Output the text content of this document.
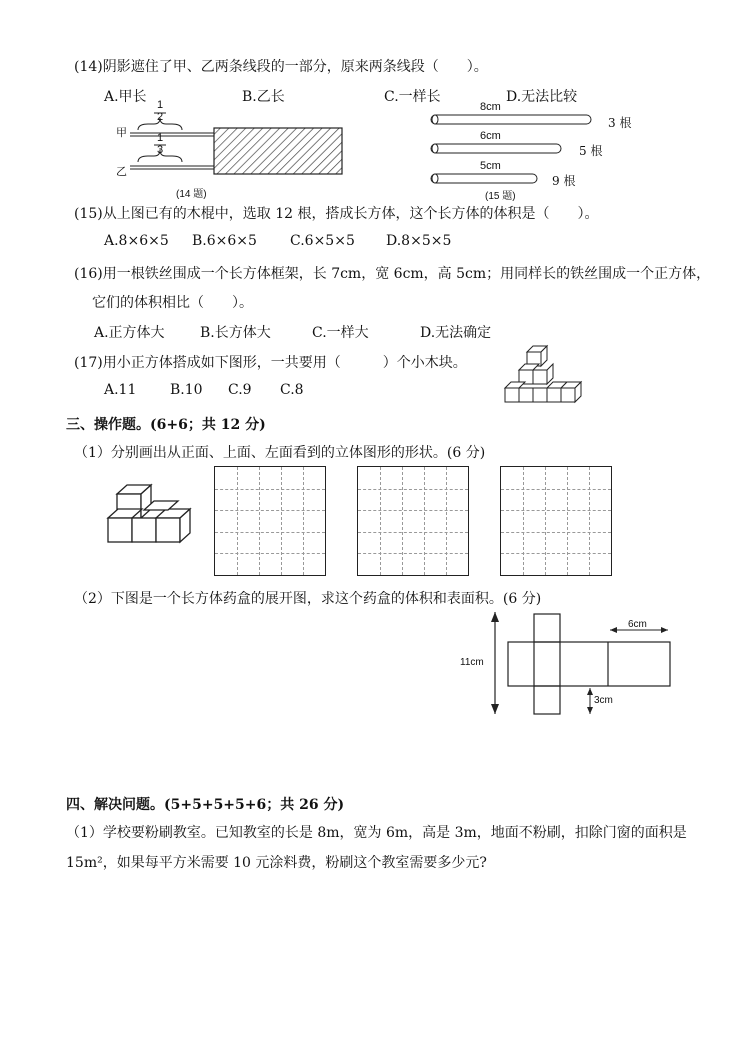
(14)阴影遮住了甲、乙两条线段的一部分，原来两条线段（　　）。
A.甲长	B.乙长	C.一样长	D.无法比较
1
2
1
3
甲
乙
(14 题)
8cm
3 根
6cm
5 根
5cm
9 根
(15 题)
(15)从上图已有的木棍中，选取 12 根，搭成长方体，这个长方体的体积是（　　）。
A.8×6×5 B.6×6×5 C.6×5×5 D.8×5×5
(16)用一根铁丝围成一个长方体框架，长 7cm，宽 6cm，高 5cm；用同样长的铁丝围成一个正方体，
它们的体积相比（　　）。
A.正方体大	B.长方体大	C.一样大	D.无法确定
(17)用小正方体搭成如下图形，一共要用（　　　）个小木块。
A.11 B.10 C.9 C.8
三、操作题。(6+6；共 12 分)
（1）分别画出从正面、上面、左面看到的立体图形的形状。(6 分)
（2）下图是一个长方体药盒的展开图，求这个药盒的体积和表面积。(6 分)
11cm
6cm
3cm
四、解决问题。(5+5+5+5+6；共 26 分)
（1）学校要粉刷教室。已知教室的长是 8m，宽为 6m，高是 3m，地面不粉刷，扣除门窗的面积是
15m²，如果每平方米需要 10 元涂料费，粉刷这个教室需要多少元?
